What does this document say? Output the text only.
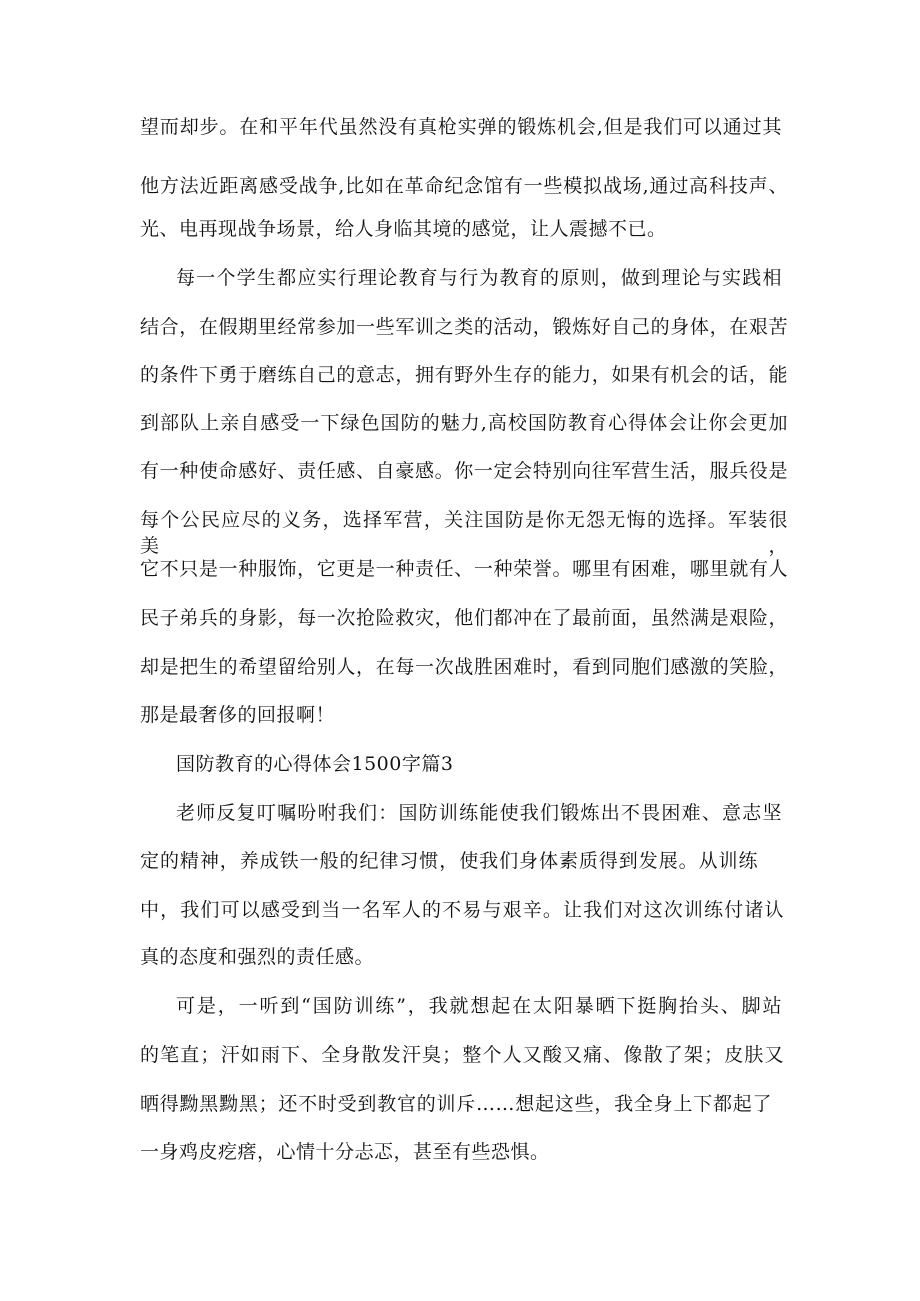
望而却步。在和平年代虽然没有真枪实弹的锻炼机会,但是我们可以通过其
他方法近距离感受战争,比如在革命纪念馆有一些模拟战场,通过高科技声、
光、电再现战争场景，给人身临其境的感觉，让人震撼不已。
每一个学生都应实行理论教育与行为教育的原则，做到理论与实践相
结合，在假期里经常参加一些军训之类的活动，锻炼好自己的身体，在艰苦
的条件下勇于磨练自己的意志，拥有野外生存的能力，如果有机会的话，能
到部队上亲自感受一下绿色国防的魅力,高校国防教育心得体会让你会更加
有一种使命感好、责任感、自豪感。你一定会特别向往军营生活，服兵役是
每个公民应尽的义务，选择军营，关注国防是你无怨无悔的选择。军装很美，
它不只是一种服饰，它更是一种责任、一种荣誉。哪里有困难，哪里就有人
民子弟兵的身影，每一次抢险救灾，他们都冲在了最前面，虽然满是艰险，
却是把生的希望留给别人，在每一次战胜困难时，看到同胞们感激的笑脸，
那是最奢侈的回报啊！
国防教育的心得体会1500字篇3
老师反复叮嘱吩咐我们：国防训练能使我们锻炼出不畏困难、意志坚
定的精神，养成铁一般的纪律习惯，使我们身体素质得到发展。从训练
中，我们可以感受到当一名军人的不易与艰辛。让我们对这次训练付诸认
真的态度和强烈的责任感。
可是，一听到“国防训练”，我就想起在太阳暴晒下挺胸抬头、脚站
的笔直；汗如雨下、全身散发汗臭；整个人又酸又痛、像散了架；皮肤又
晒得黝黑黝黑；还不时受到教官的训斥……想起这些，我全身上下都起了
一身鸡皮疙瘩，心情十分忐忑，甚至有些恐惧。
